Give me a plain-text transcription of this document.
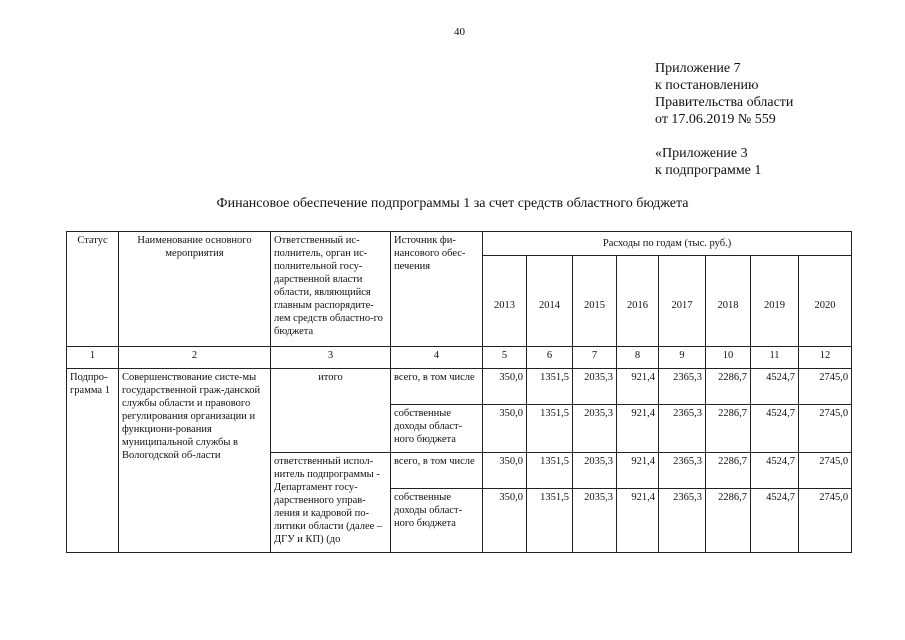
40
Приложение 7
к постановлению
Правительства области
от 17.06.2019 № 559
«Приложение 3
к подпрограмме 1
Финансовое обеспечение подпрограммы 1 за счет средств областного бюджета
Статус	Наименование основного мероприятия	Ответственный ис-полнитель, орган ис-полнительной госу-дарственной власти области, являющийся главным распорядите-лем средств областно-го бюджета	Источник фи-нансового обес-печения	Расходы по годам (тыс. руб.)							
				2013	2014	2015	2016	2017	2018	2019	2020
1	2	3	4	5	6	7	8	9	10	11	12
Подпро-грамма 1	Совершенствование систе-мы государственной граж-данской службы области и правового регулирования организации и функциони-рования муниципальной службы в Вологодской об-ласти	итого	всего, в том числе	350,0	1351,5	2035,3	921,4	2365,3	2286,7	4524,7	2745,0
			собственные доходы област-ного бюджета	350,0	1351,5	2035,3	921,4	2365,3	2286,7	4524,7	2745,0
		ответственный испол-нитель подпрограммы - Департамент госу-дарственного управ-ления и кадровой по-литики области (далее – ДГУ и КП) (до	всего, в том числе	350,0	1351,5	2035,3	921,4	2365,3	2286,7	4524,7	2745,0
			собственные доходы област-ного бюджета	350,0	1351,5	2035,3	921,4	2365,3	2286,7	4524,7	2745,0
